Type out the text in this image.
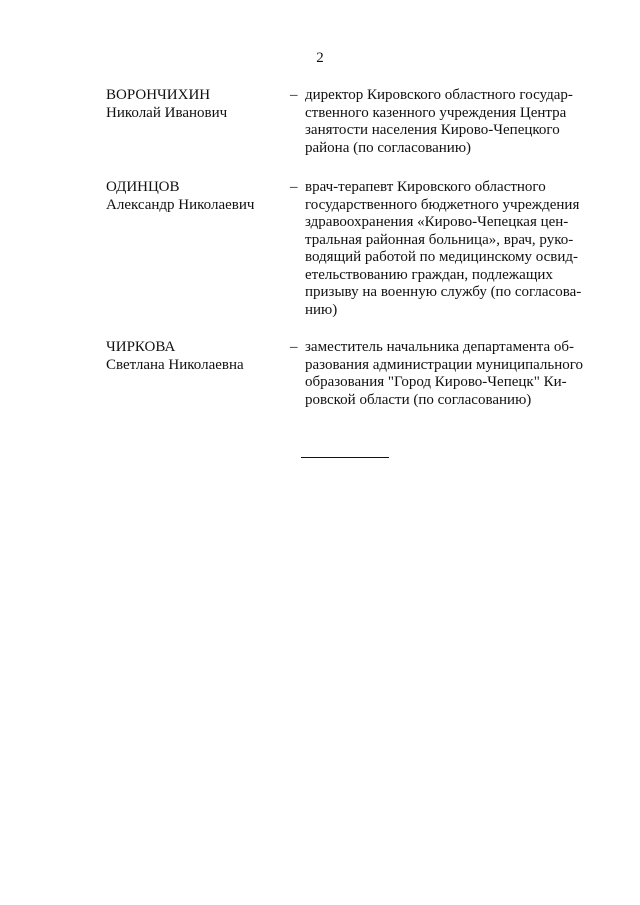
2
ВОРОНЧИХИН
Николай Иванович
– директор Кировского областного государ-
ственного казенного учреждения Центра
занятости населения Кирово-Чепецкого
района (по согласованию)
ОДИНЦОВ
Александр Николаевич
– врач-терапевт Кировского областного
государственного бюджетного учреждения
здравоохранения «Кирово-Чепецкая цен-
тральная районная больница», врач, руко-
водящий работой по медицинскому освид-
етельствованию граждан, подлежащих
призыву на военную службу (по согласова-
нию)
ЧИРКОВА
Светлана Николаевна
– заместитель начальника департамента об-
разования администрации муниципального
образования "Город Кирово-Чепецк" Ки-
ровской области (по согласованию)
